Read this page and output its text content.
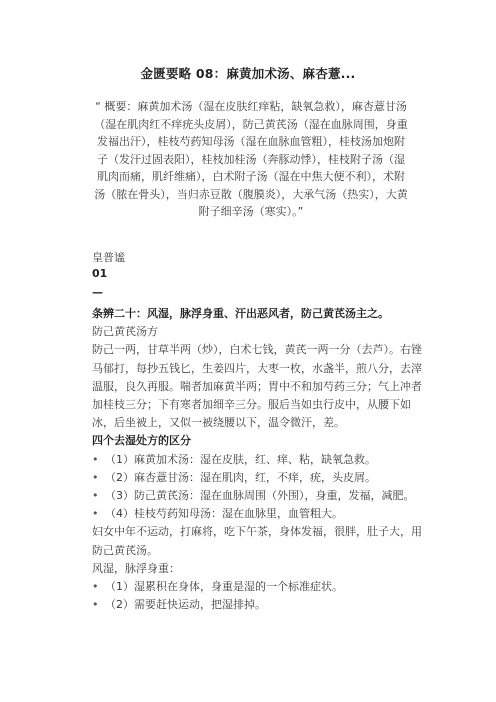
金匮要略 08：麻黄加术汤、麻杏薏...
“ 概要：麻黄加术汤（湿在皮肤红痒粘，缺氧急救），麻杏薏甘汤（湿在肌肉红不痒疣头皮屑），防己黄芪汤（湿在血脉周围，身重发福出汗），桂枝芍药知母汤（湿在血脉血管粗），桂枝汤加炮附子（发汗过固表阳），桂枝加桂汤（奔豚动悸），桂枝附子汤（湿肌肉而痛，肌纤维痛），白术附子汤（湿在中焦大便不利），术附汤（脓在骨头），当归赤豆散（腹膜炎），大承气汤（热实），大黄附子细辛汤（寒实）。”
皇普谧
01
—

条辨二十：风湿，脉浮身重、汗出恶风者，防己黄芪汤主之。

防己黄芪汤方

防己一两，甘草半两（炒），白术七钱，黄芪一两一分（去芦）。右锉马郁打，每抄五钱匕，生姜四片，大枣一枚，水盏半，煎八分，去滓温服，良久再服。喘者加麻黄半两；胃中不和加芍药三分；气上冲者加桂枝三分；下有寒者加细辛三分。服后当如虫行皮中，从腰下如冰，后坐被上，又似一被绕腰以下，温令微汗，差。

四个去湿处方的区分

• （1）麻黄加术汤：湿在皮肤，红、痒、粘，缺氧急救。
• （2）麻杏薏甘汤：湿在肌肉，红，不痒，疣，头皮屑。
• （3）防己黄芪汤：湿在血脉周围（外围），身重，发福，减肥。
• （4）桂枝芍药知母汤：湿在血脉里，血管粗大。

妇女中年不运动，打麻将，吃下午茶，身体发福，很胖，肚子大，用防己黄芪汤。

风湿，脉浮身重：

• （1）湿累积在身体，身重是湿的一个标准症状。
• （2）需要赶快运动，把湿排掉。
